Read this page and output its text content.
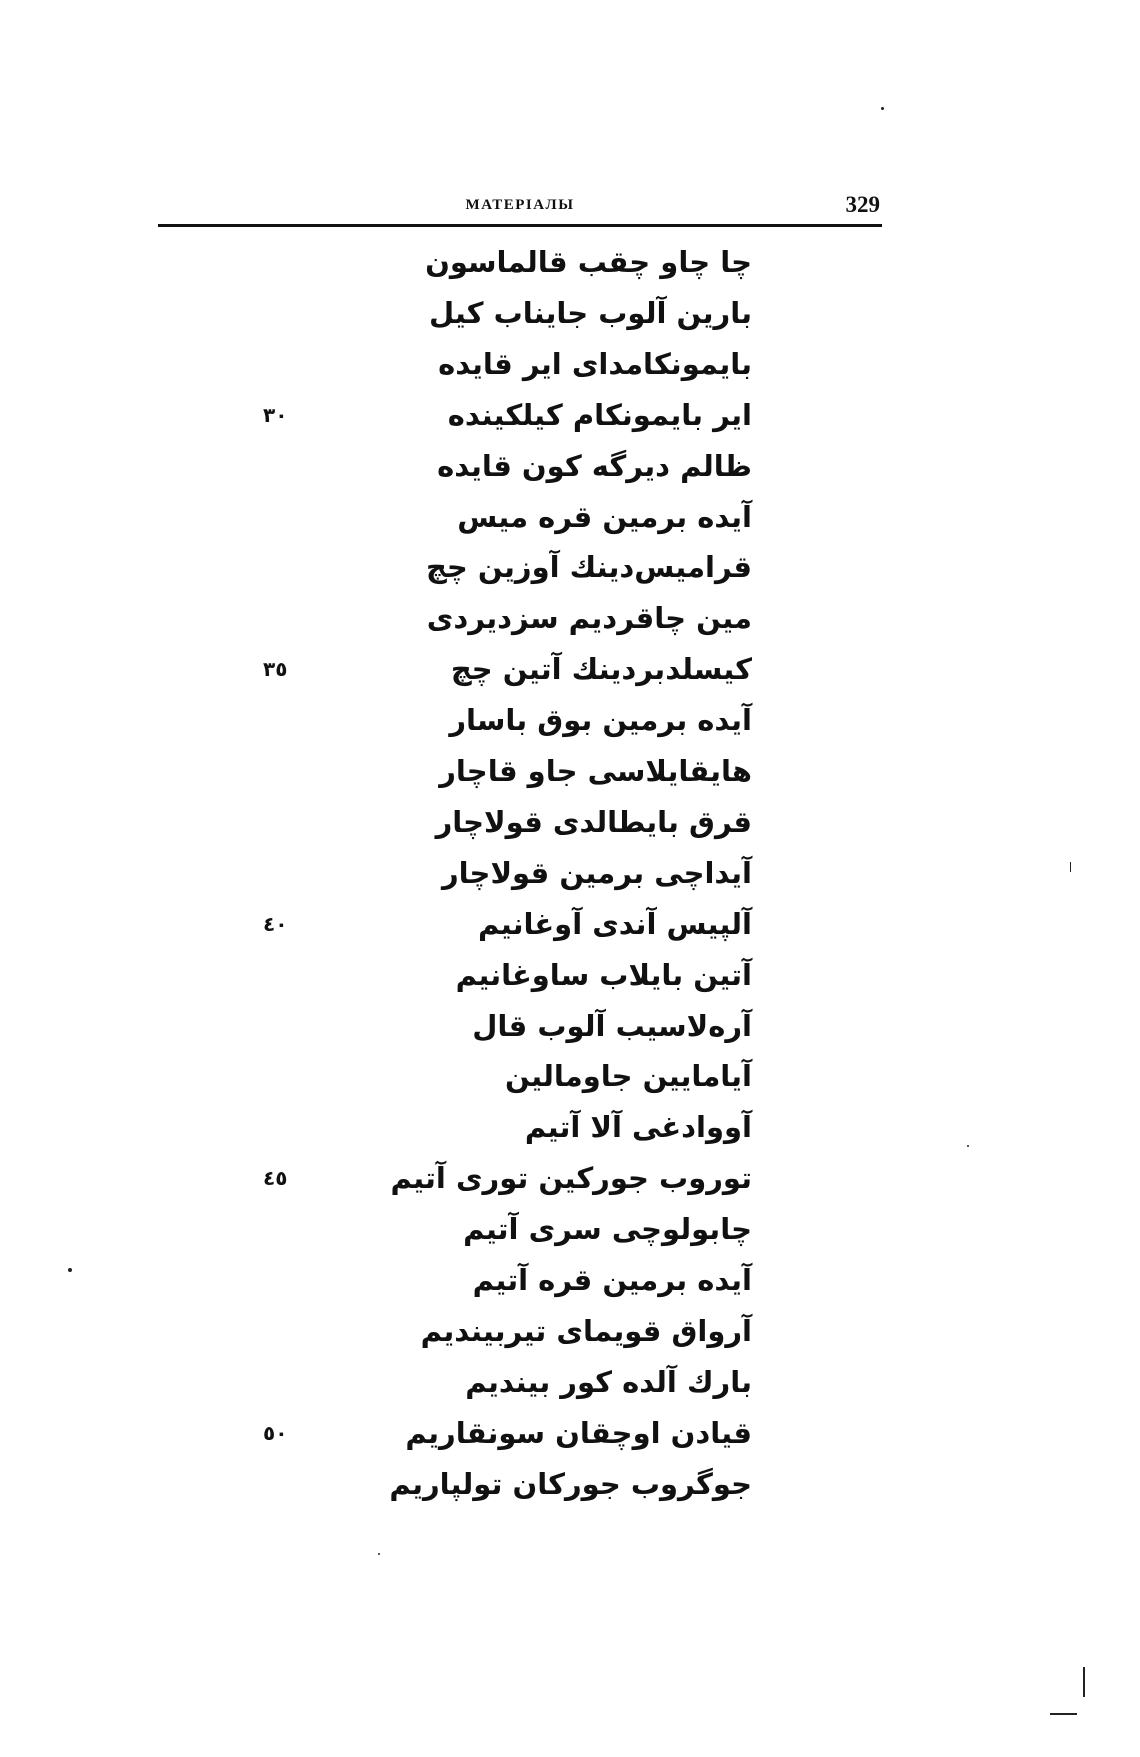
МАТЕРІАЛЫ	329
چا چاو چقب قالماسون
بارین آلوب جایناب کیل
بایمونکامدای ایر قایده
ایر بایمونکام کیلکینده
٣٠
ظالم دیرگه کون قایده
آیده برمین قره میس
قرامیس‌دینك آوزین چچ
مین چاقردیم سزدیردی
کیسلدبردینك آتین چچ
٣٥
آیده برمین بوق باسار
هایقایلاسی جاو قاچار
قرق بایطالدی قولاچار
آیداچی برمین قولاچار
آلپیس آندی آوغانیم
٤٠
آتین بایلاب ساوغانیم
آره‌لاسیب آلوب قال
آیامایین جاومالین
آووادغی آلا آتیم
توروب جورکین توری آتیم
٤٥
چابولوچی سری آتیم
آیده برمین قره آتیم
آرواق قویمای تیربیندیم
بارك آلده کور بیندیم
قیادن اوچقان سونقاریم
٥٠
جوگروب جورکان تولپاریم
